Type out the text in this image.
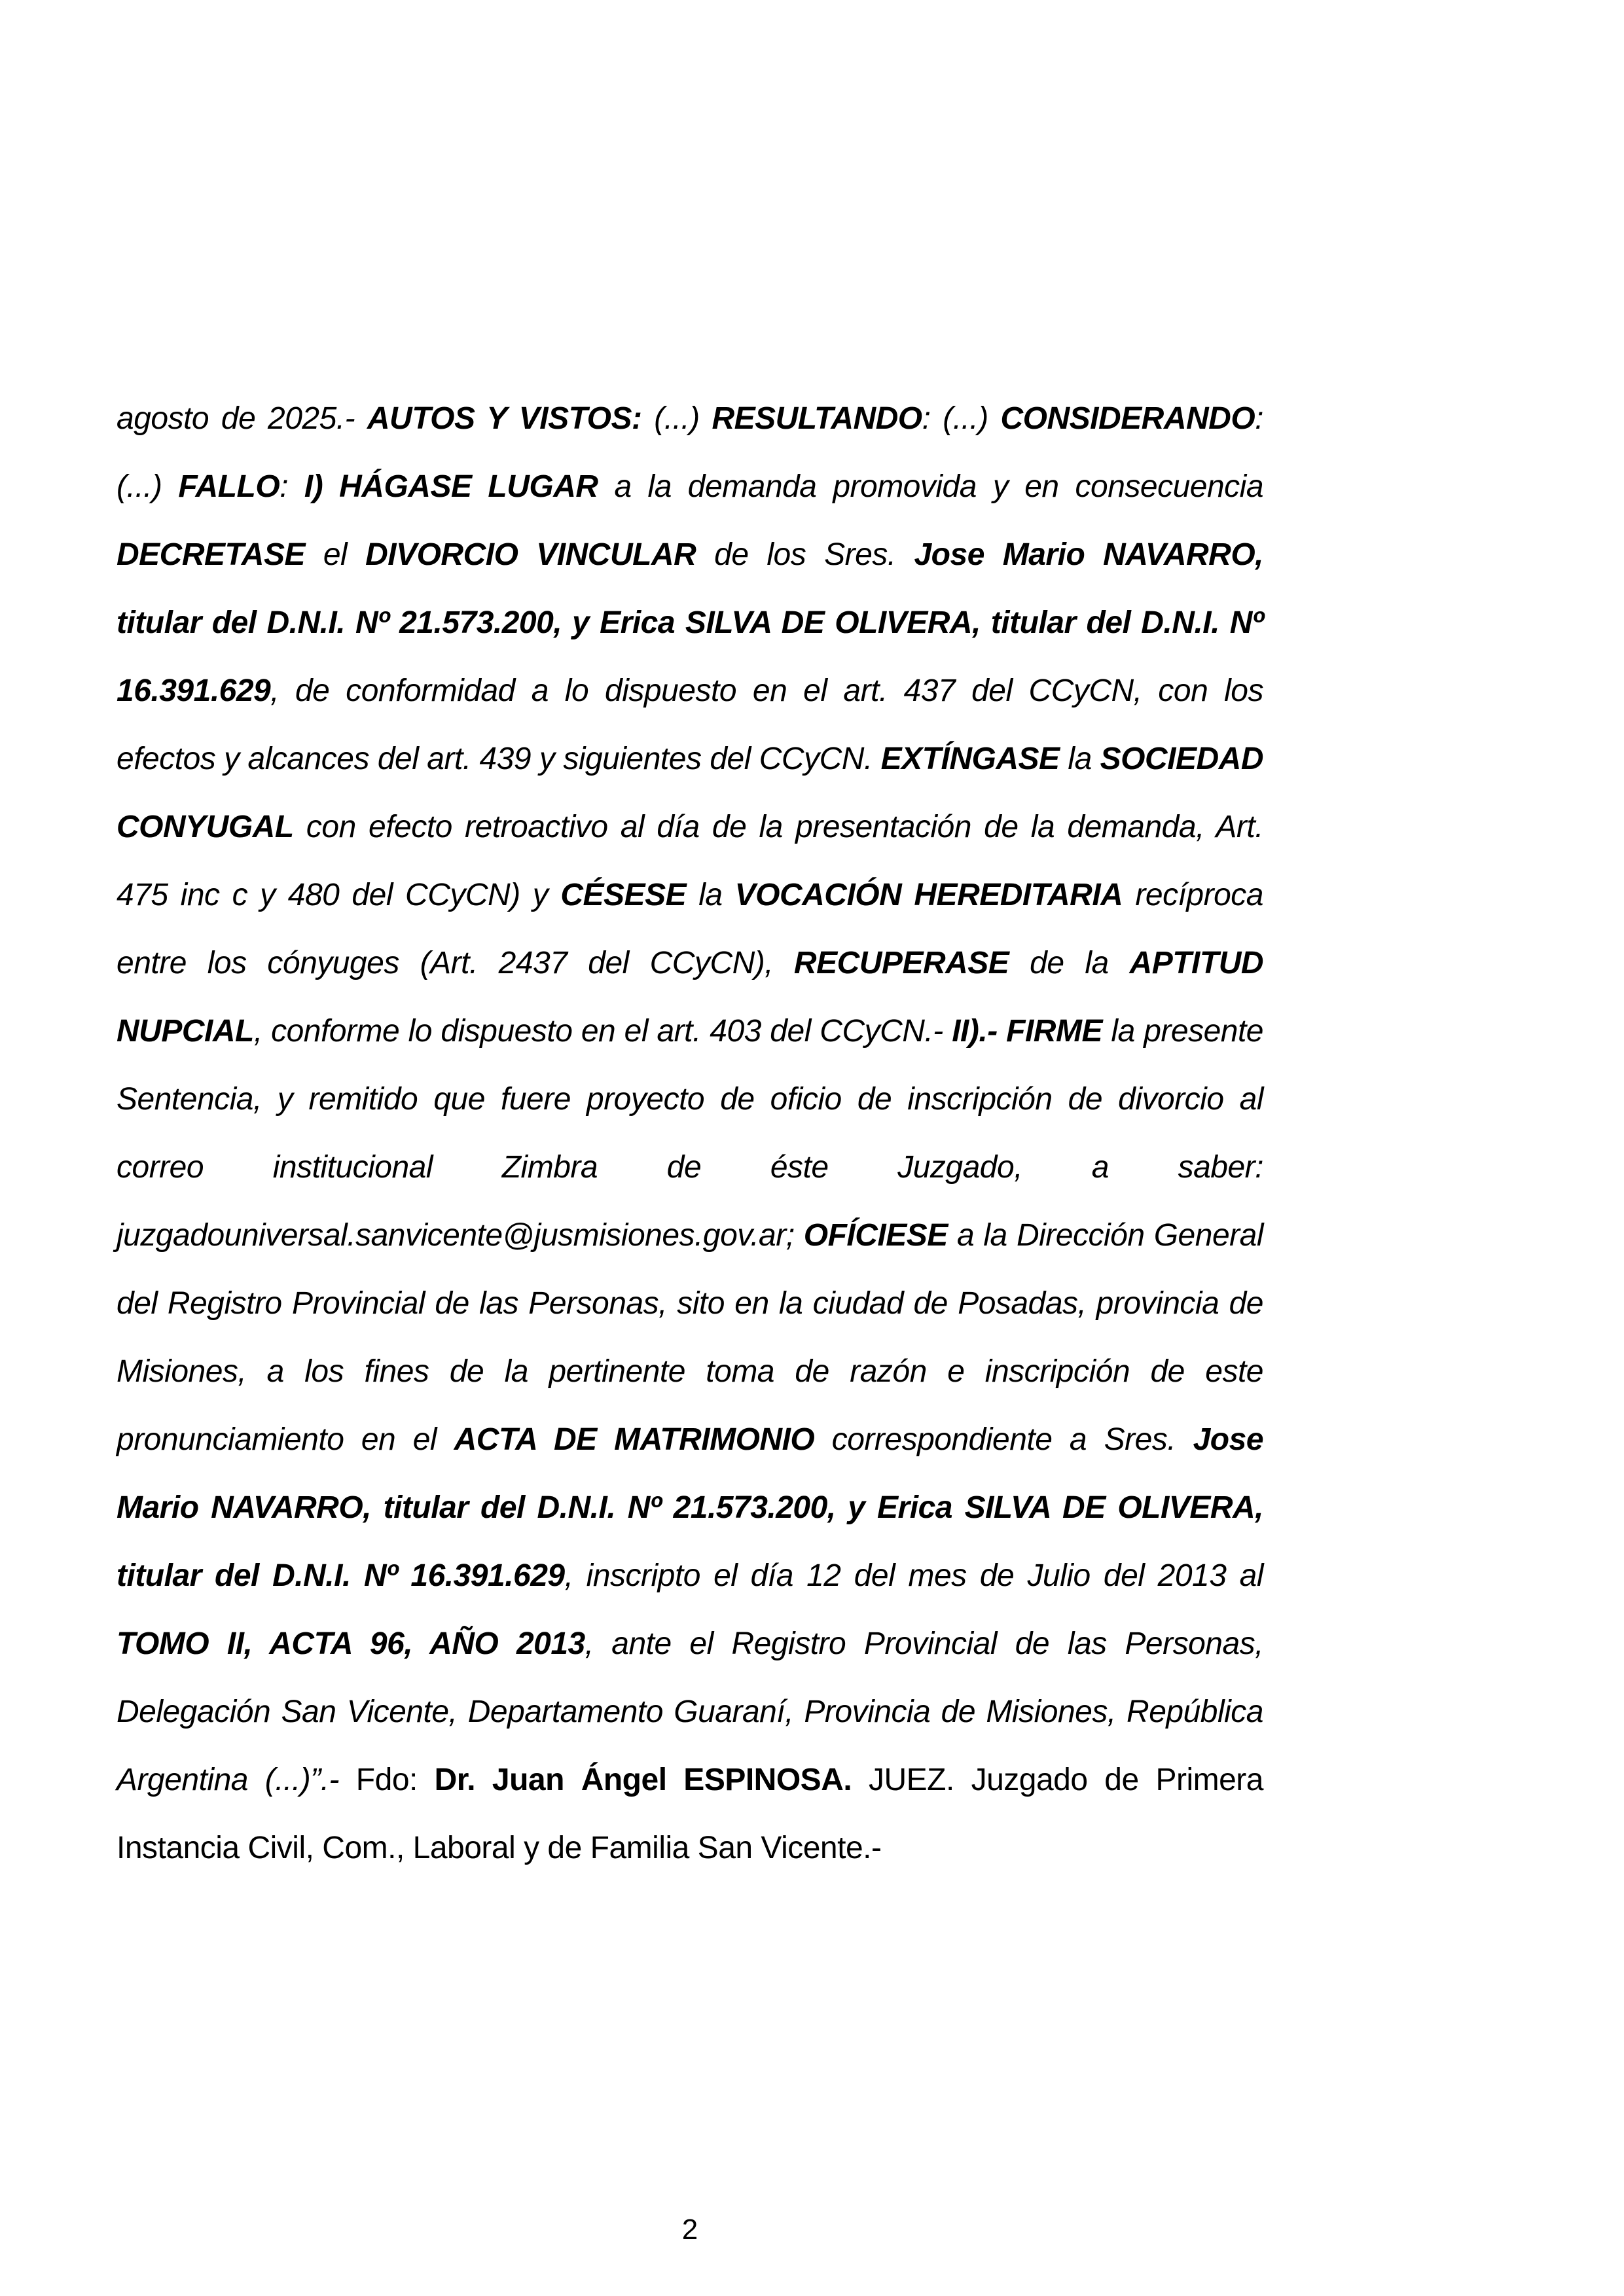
agosto de 2025.- AUTOS Y VISTOS: (...) RESULTANDO: (...) CONSIDERANDO: (...) FALLO: I) HÁGASE LUGAR a la demanda promovida y en consecuencia DECRETASE el DIVORCIO VINCULAR de los Sres. Jose Mario NAVARRO, titular del D.N.I. Nº 21.573.200, y Erica SILVA DE OLIVERA, titular del D.N.I. Nº 16.391.629, de conformidad a lo dispuesto en el art. 437 del CCyCN, con los efectos y alcances del art. 439 y siguientes del CCyCN. EXTÍNGASE la SOCIEDAD CONYUGAL con efecto retroactivo al día de la presentación de la demanda, Art. 475 inc c y 480 del CCyCN) y CÉSESE la VOCACIÓN HEREDITARIA recíproca entre los cónyuges (Art. 2437 del CCyCN), RECUPERASE de la APTITUD NUPCIAL, conforme lo dispuesto en el art. 403 del CCyCN.- II).- FIRME la presente Sentencia, y remitido que fuere proyecto de oficio de inscripción de divorcio al correo institucional Zimbra de éste Juzgado, a saber: juzgadouniversal.sanvicente@jusmisiones.gov.ar; OFÍCIESE a la Dirección General del Registro Provincial de las Personas, sito en la ciudad de Posadas, provincia de Misiones, a los fines de la pertinente toma de razón e inscripción de este pronunciamiento en el ACTA DE MATRIMONIO correspondiente a Sres. Jose Mario NAVARRO, titular del D.N.I. Nº 21.573.200, y Erica SILVA DE OLIVERA, titular del D.N.I. Nº 16.391.629, inscripto el día 12 del mes de Julio del 2013 al TOMO II, ACTA 96, AÑO 2013, ante el Registro Provincial de las Personas, Delegación San Vicente, Departamento Guaraní, Provincia de Misiones, República Argentina (...)”.- Fdo: Dr. Juan Ángel ESPINOSA. JUEZ. Juzgado de Primera Instancia Civil, Com., Laboral y de Familia San Vicente.-
2
